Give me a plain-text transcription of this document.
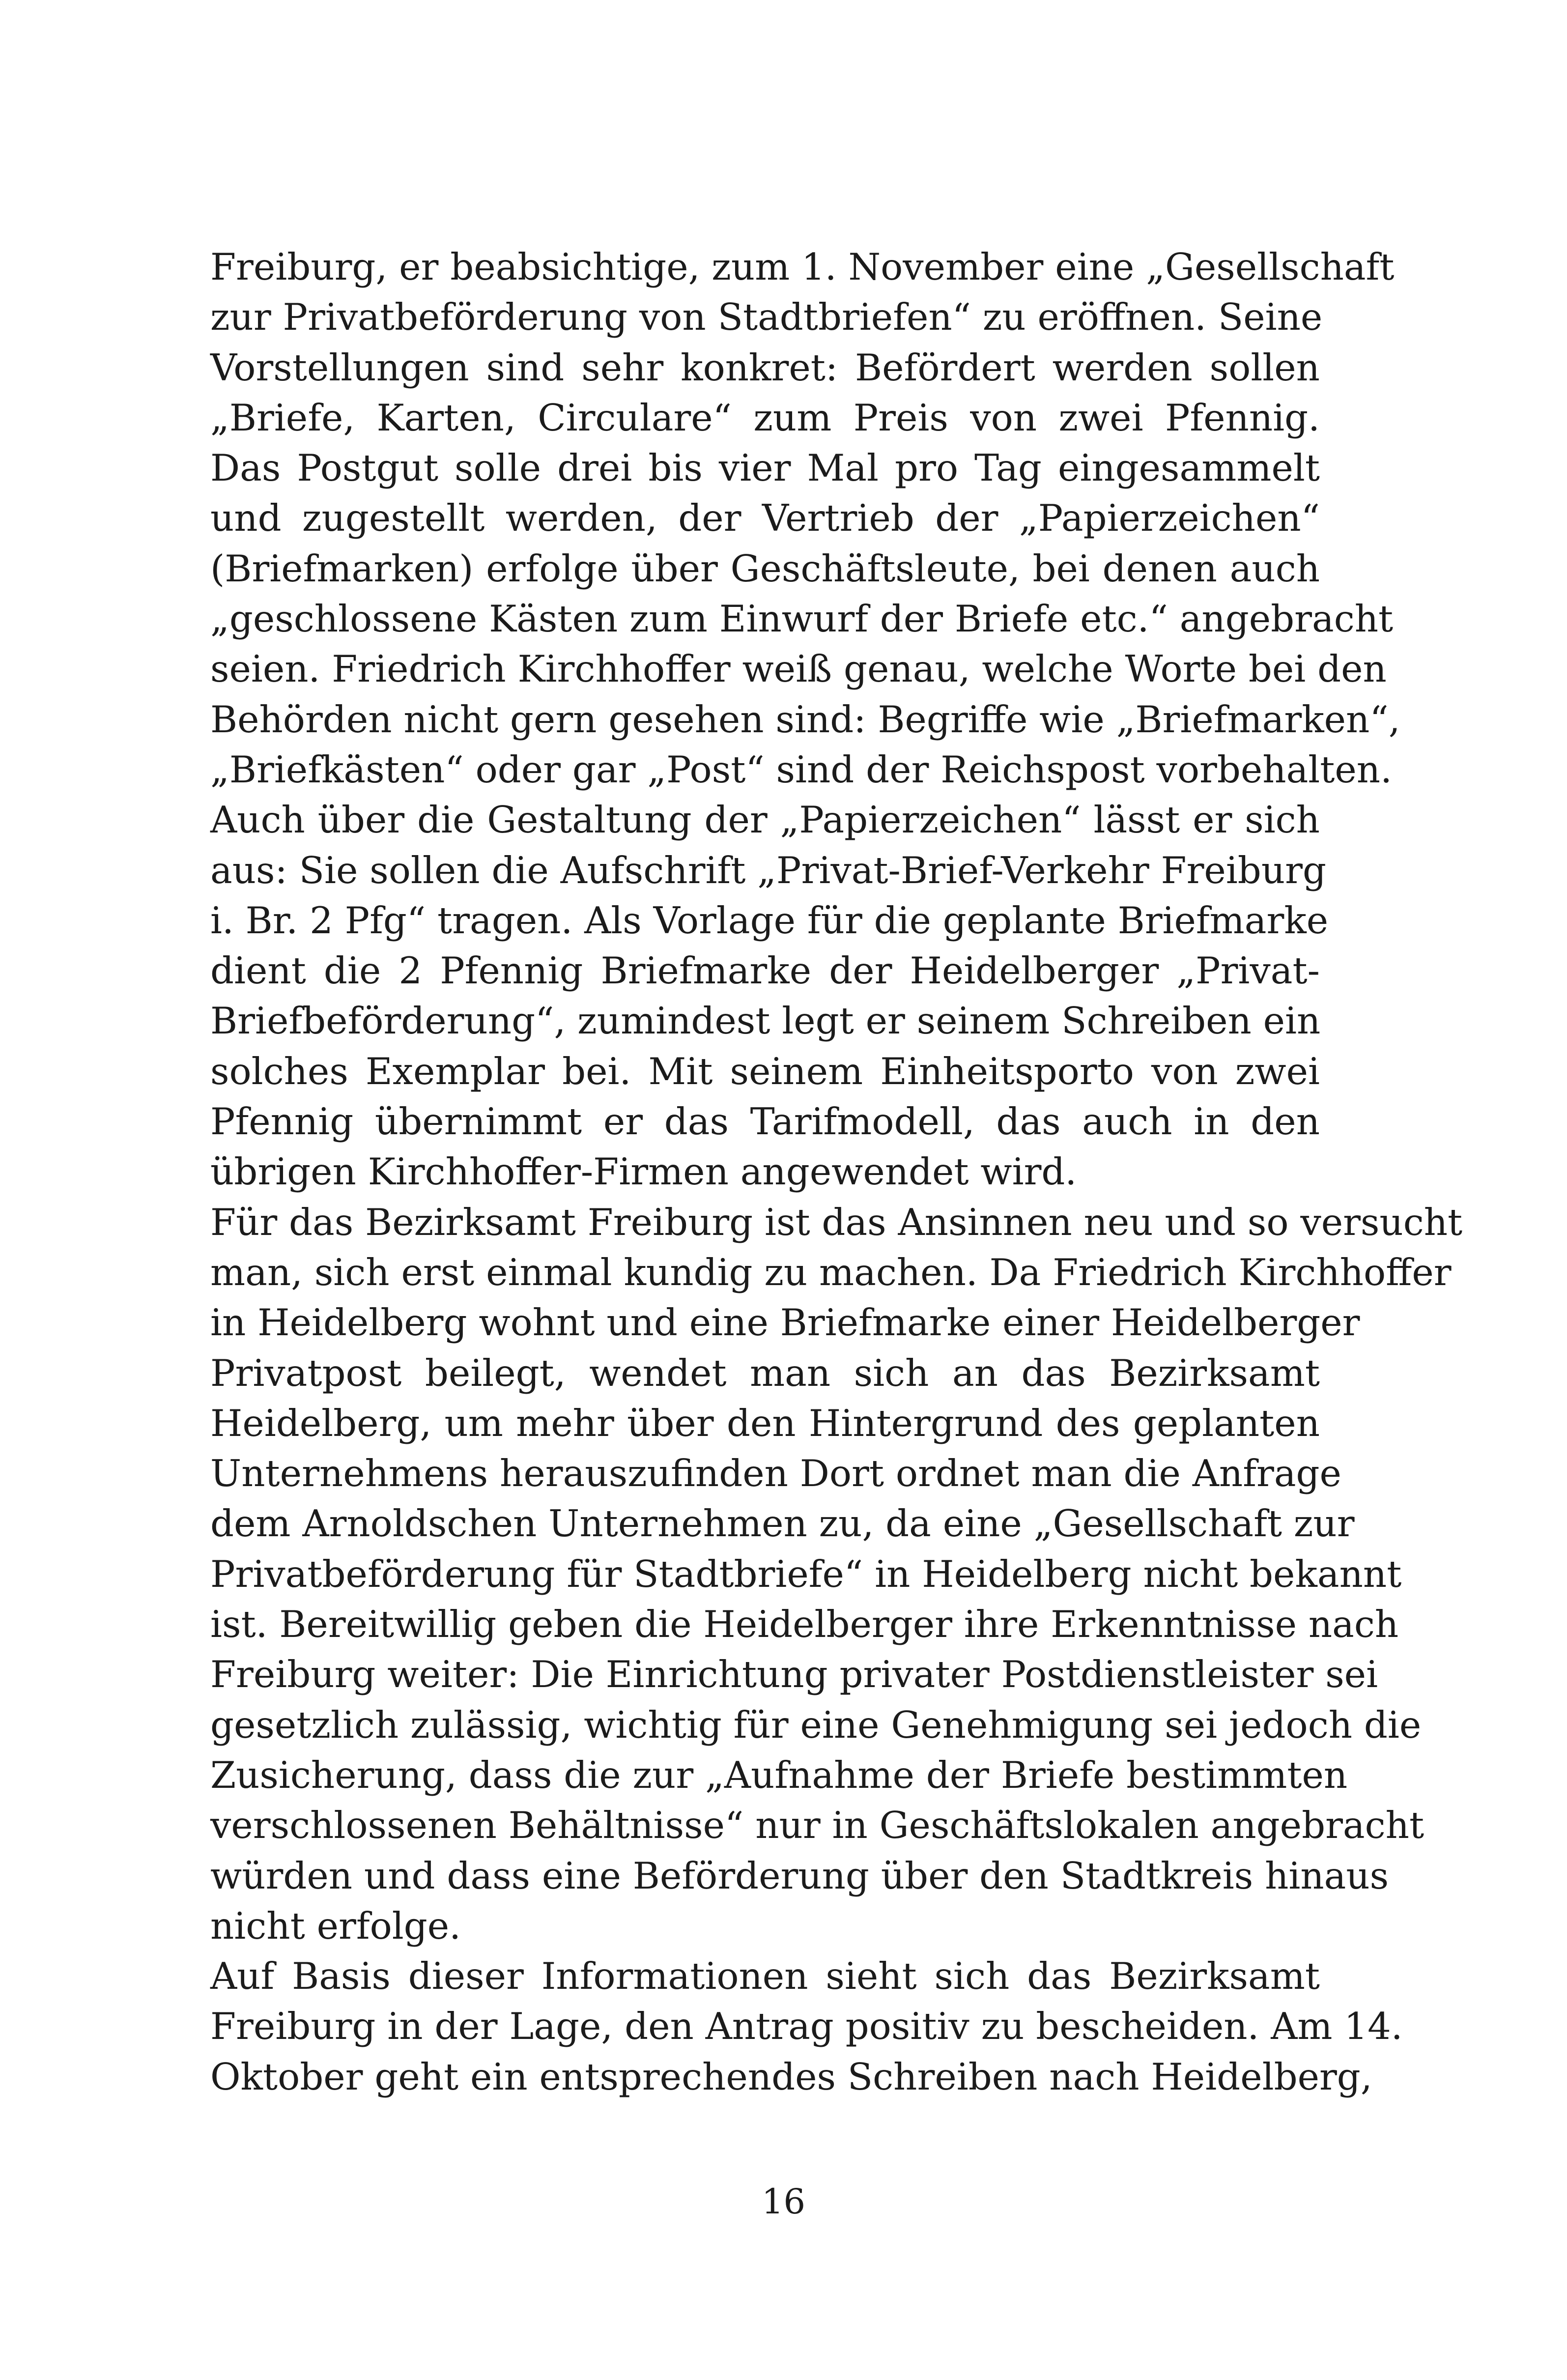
Freiburg, er beabsichtige, zum 1. November eine „Gesellschaft
zur Privatbeförderung von Stadtbriefen“ zu eröffnen. Seine
Vorstellungen sind sehr konkret: Befördert werden sollen
„Briefe, Karten, Circulare“ zum Preis von zwei Pfennig.
Das Postgut solle drei bis vier Mal pro Tag eingesammelt
und zugestellt werden, der Vertrieb der „Papierzeichen“
(Briefmarken) erfolge über Geschäftsleute, bei denen auch
„geschlossene Kästen zum Einwurf der Briefe etc.“ angebracht
seien. Friedrich Kirchhoffer weiß genau, welche Worte bei den
Behörden nicht gern gesehen sind: Begriffe wie „Briefmarken“,
„Briefkästen“ oder gar „Post“ sind der Reichspost vorbehalten.
Auch über die Gestaltung der „Papierzeichen“ lässt er sich
aus: Sie sollen die Aufschrift „Privat-Brief-Verkehr Freiburg
i. Br. 2 Pfg“ tragen. Als Vorlage für die geplante Briefmarke
dient die 2 Pfennig Briefmarke der Heidelberger „Privat-
Briefbeförderung“, zumindest legt er seinem Schreiben ein
solches Exemplar bei. Mit seinem Einheitsporto von zwei
Pfennig übernimmt er das Tarifmodell, das auch in den
übrigen Kirchhoffer-Firmen angewendet wird.
Für das Bezirksamt Freiburg ist das Ansinnen neu und so versucht
man, sich erst einmal kundig zu machen. Da Friedrich Kirchhoffer
in Heidelberg wohnt und eine Briefmarke einer Heidelberger
Privatpost beilegt, wendet man sich an das Bezirksamt
Heidelberg, um mehr über den Hintergrund des geplanten
Unternehmens herauszufinden Dort ordnet man die Anfrage
dem Arnoldschen Unternehmen zu, da eine „Gesellschaft zur
Privatbeförderung für Stadtbriefe“ in Heidelberg nicht bekannt
ist. Bereitwillig geben die Heidelberger ihre Erkenntnisse nach
Freiburg weiter: Die Einrichtung privater Postdienstleister sei
gesetzlich zulässig, wichtig für eine Genehmigung sei jedoch die
Zusicherung, dass die zur „Aufnahme der Briefe bestimmten
verschlossenen Behältnisse“ nur in Geschäftslokalen angebracht
würden und dass eine Beförderung über den Stadtkreis hinaus
nicht erfolge.
Auf Basis dieser Informationen sieht sich das Bezirksamt
Freiburg in der Lage, den Antrag positiv zu bescheiden. Am 14.
Oktober geht ein entsprechendes Schreiben nach Heidelberg,
16
